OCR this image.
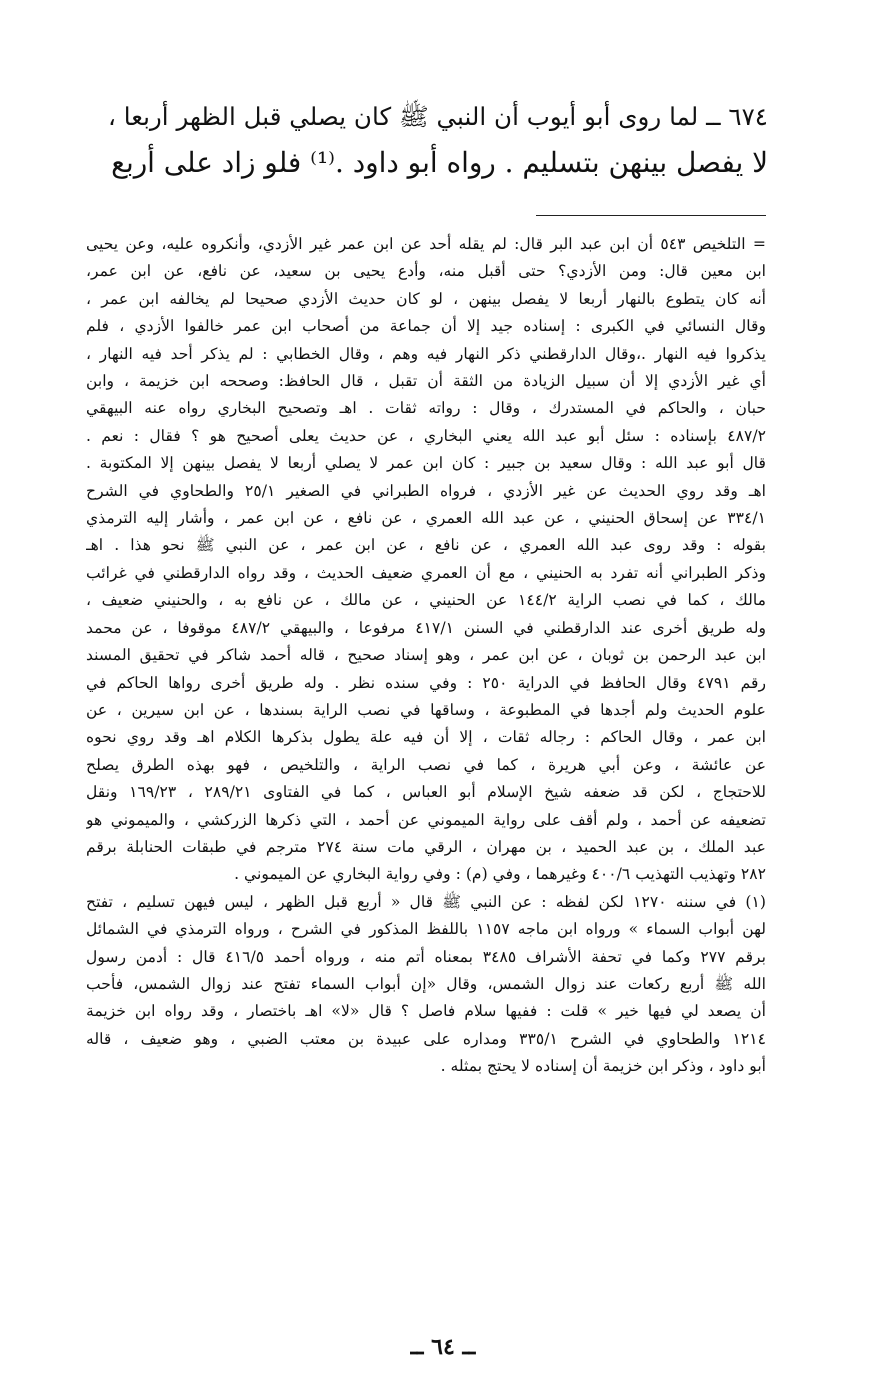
٦٧٤ ــ لما روى أبو أيوب أن النبي ﷺ كان يصلي قبل الظهر أربعا ،
لا يفصل بينهن بتسليم . رواه أبو داود .⁽¹⁾ فلو زاد على أربع
= التلخيص ٥٤٣ أن ابن عبد البر قال: لم يقله أحد عن ابن عمر غير الأزدي، وأنكروه عليه، وعن يحيى
ابن معين قال: ومن الأزدي؟ حتى أقبل منه، وأدع يحيى بن سعيد، عن نافع، عن ابن عمر،
أنه كان يتطوع بالنهار أربعا لا يفصل بينهن ، لو كان حديث الأزدي صحيحا لم يخالفه ابن عمر ،
وقال النسائي في الكبرى : إسناده جيد إلا أن جماعة من أصحاب ابن عمر خالفوا الأزدي ، فلم
يذكروا فيه النهار .،وقال الدارقطني ذكر النهار فيه وهم ، وقال الخطابي : لم يذكر أحد فيه النهار ،
أي غير الأزدي إلا أن سبيل الزيادة من الثقة أن تقبل ، قال الحافظ: وصححه ابن خزيمة ، وابن
حبان ، والحاكم في المستدرك ، وقال : رواته ثقات . اهـ وتصحيح البخاري رواه عنه البيهقي
٤٨٧/٢ بإسناده : سئل أبو عبد الله يعني البخاري ، عن حديث يعلى أصحيح هو ؟ فقال : نعم .
قال أبو عبد الله : وقال سعيد بن جبير : كان ابن عمر لا يصلي أربعا لا يفصل بينهن إلا المكتوبة .
اهـ وقد روي الحديث عن غير الأزدي ، فرواه الطبراني في الصغير ٢٥/١ والطحاوي في الشرح
٣٣٤/١ عن إسحاق الحنيني ، عن عبد الله العمري ، عن نافع ، عن ابن عمر ، وأشار إليه الترمذي
بقوله : وقد روى عبد الله العمري ، عن نافع ، عن ابن عمر ، عن النبي ﷺ نحو هذا . اهـ
وذكر الطبراني أنه تفرد به الحنيني ، مع أن العمري ضعيف الحديث ، وقد رواه الدارقطني في غرائب
مالك ، كما في نصب الراية ١٤٤/٢ عن الحنيني ، عن مالك ، عن نافع به ، والحنيني ضعيف ،
وله طريق أخرى عند الدارقطني في السنن ٤١٧/١ مرفوعا ، والبيهقي ٤٨٧/٢ موقوفا ، عن محمد
ابن عبد الرحمن بن ثوبان ، عن ابن عمر ، وهو إسناد صحيح ، قاله أحمد شاكر في تحقيق المسند
رقم ٤٧٩١ وقال الحافظ في الدراية ٢٥٠ : وفي سنده نظر . وله طريق أخرى رواها الحاكم في
علوم الحديث ولم أجدها في المطبوعة ، وساقها في نصب الراية بسندها ، عن ابن سيرين ، عن
ابن عمر ، وقال الحاكم : رجاله ثقات ، إلا أن فيه علة يطول بذكرها الكلام اهـ وقد روي نحوه
عن عائشة ، وعن أبي هريرة ، كما في نصب الراية ، والتلخيص ، فهو بهذه الطرق يصلح
للاحتجاج ، لكن قد ضعفه شيخ الإسلام أبو العباس ، كما في الفتاوى ٢٨٩/٢١ ، ١٦٩/٢٣ ونقل
تضعيفه عن أحمد ، ولم أقف على رواية الميموني عن أحمد ، التي ذكرها الزركشي ، والميموني هو
عبد الملك ، بن عبد الحميد ، بن مهران ، الرقي مات سنة ٢٧٤ مترجم في طبقات الحنابلة برقم
٢٨٢ وتهذيب التهذيب ٤٠٠/٦ وغيرهما ، وفي (م) : وفي رواية البخاري عن الميموني .
(١) في سننه ١٢٧٠ لكن لفظه : عن النبي ﷺ قال « أربع قبل الظهر ، ليس فيهن تسليم ، تفتح
لهن أبواب السماء » ورواه ابن ماجه ١١٥٧ باللفظ المذكور في الشرح ، ورواه الترمذي في الشمائل
برقم ٢٧٧ وكما في تحفة الأشراف ٣٤٨٥ بمعناه أتم منه ، ورواه أحمد ٤١٦/٥ قال : أدمن رسول
الله ﷺ أربع ركعات عند زوال الشمس، وقال «إن أبواب السماء تفتح عند زوال الشمس، فأحب
أن يصعد لي فيها خير » قلت : ففيها سلام فاصل ؟ قال «لا» اهـ باختصار ، وقد رواه ابن خزيمة
١٢١٤ والطحاوي في الشرح ٣٣٥/١ ومداره على عبيدة بن معتب الضبي ، وهو ضعيف ، قاله
أبو داود ، وذكر ابن خزيمة أن إسناده لا يحتج بمثله .
ــ ٦٤ ــ
